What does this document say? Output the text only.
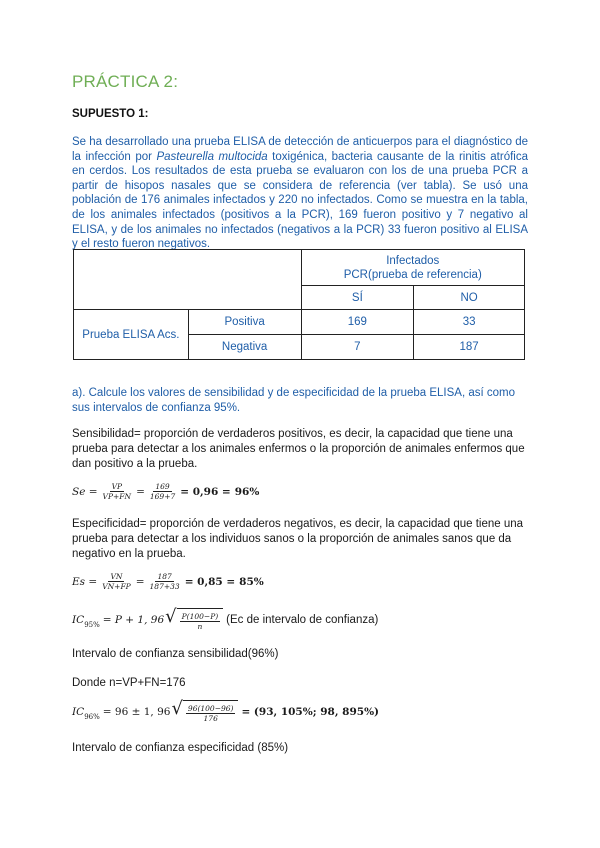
PRÁCTICA 2:
SUPUESTO 1:
Se ha desarrollado una prueba ELISA de detección de anticuerpos para el diagnóstico de la infección por Pasteurella multocida toxigénica, bacteria causante de la rinitis atrófica en cerdos. Los resultados de esta prueba se evaluaron con los de una prueba PCR a partir de hisopos nasales que se considera de referencia (ver tabla). Se usó una población de 176 animales infectados y 220 no infectados. Como se muestra en la tabla, de los animales infectados (positivos a la PCR), 169 fueron positivo y 7 negativo al ELISA, y de los animales no infectados (negativos a la PCR) 33 fueron positivo al ELISA y el resto fueron negativos.

		Infectados
PCR(prueba de referencia)	

		SÍ	NO
Prueba ELISA Acs.	Positiva	169	33
	Negativa	7	187
a). Calcule los valores de sensibilidad y de especificidad de la prueba ELISA, así como sus intervalos de confianza 95%.
Sensibilidad= proporción de verdaderos positivos, es decir, la capacidad que tiene una prueba para detectar a los animales enfermos o la proporción de animales enfermos que dan positivo a la prueba.
$Se = \frac{VP}{VP+FN} = \frac{169}{169+7} = 0,96 = 96\%$
Especificidad= proporción de verdaderos negativos, es decir, la capacidad que tiene una prueba para detectar a los individuos sanos o la proporción de animales sanos que da negativo en la prueba.
$Es = \frac{VN}{VN+FP} = \frac{187}{187+33} = 0,85 = 85\%$
IC 95% = P + 1, 96 √ $\frac{P(100-P)}{n} (Ec$ de intervalo de confianza)
Intervalo de confianza sensibilidad(96%)
Donde n=VP+FN=176
IC 96% = 96 ± 1, 96 √ $\frac{96(100-96)}{176} = (93$, 105%; 98, 895%)
Intervalo de confianza especificidad (85%)
